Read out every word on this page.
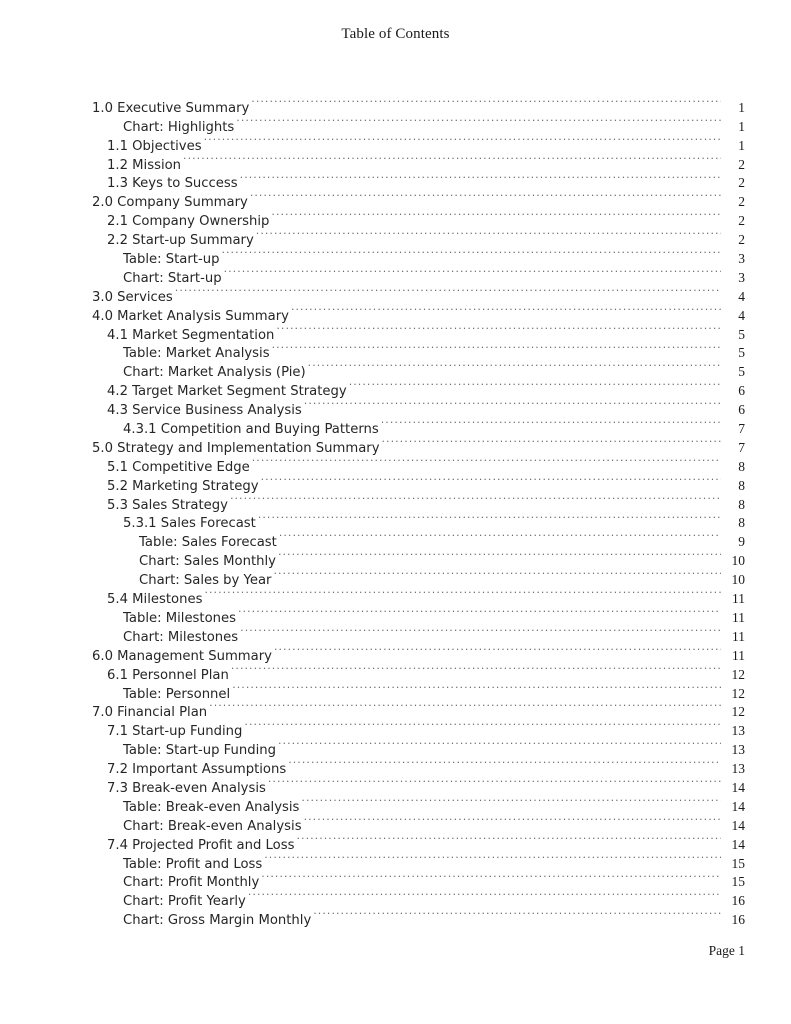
Table of Contents
1.0 Executive Summary .....	1
Chart: Highlights .....	1
1.1 Objectives .....	1
1.2 Mission .....	2
1.3 Keys to Success .....	2
2.0 Company Summary .....	2
2.1 Company Ownership .....	2
2.2 Start-up Summary .....	2
Table: Start-up .....	3
Chart: Start-up .....	3
3.0 Services .....	4
4.0 Market Analysis Summary .....	4
4.1 Market Segmentation .....	5
Table: Market Analysis .....	5
Chart: Market Analysis (Pie) .....	5
4.2 Target Market Segment Strategy .....	6
4.3 Service Business Analysis .....	6
4.3.1 Competition and Buying Patterns .....	7
5.0 Strategy and Implementation Summary .....	7
5.1 Competitive Edge .....	8
5.2 Marketing Strategy .....	8
5.3 Sales Strategy .....	8
5.3.1 Sales Forecast .....	8
Table: Sales Forecast .....	9
Chart: Sales Monthly .....	10
Chart: Sales by Year .....	10
5.4 Milestones .....	11
Table: Milestones .....	11
Chart: Milestones .....	11
6.0 Management Summary .....	11
6.1 Personnel Plan .....	12
Table: Personnel .....	12
7.0 Financial Plan .....	12
7.1 Start-up Funding .....	13
Table: Start-up Funding .....	13
7.2 Important Assumptions .....	13
7.3 Break-even Analysis .....	14
Table: Break-even Analysis .....	14
Chart: Break-even Analysis .....	14
7.4 Projected Profit and Loss .....	14
Table: Profit and Loss .....	15
Chart: Profit Monthly .....	15
Chart: Profit Yearly .....	16
Chart: Gross Margin Monthly .....	16
Page 1
